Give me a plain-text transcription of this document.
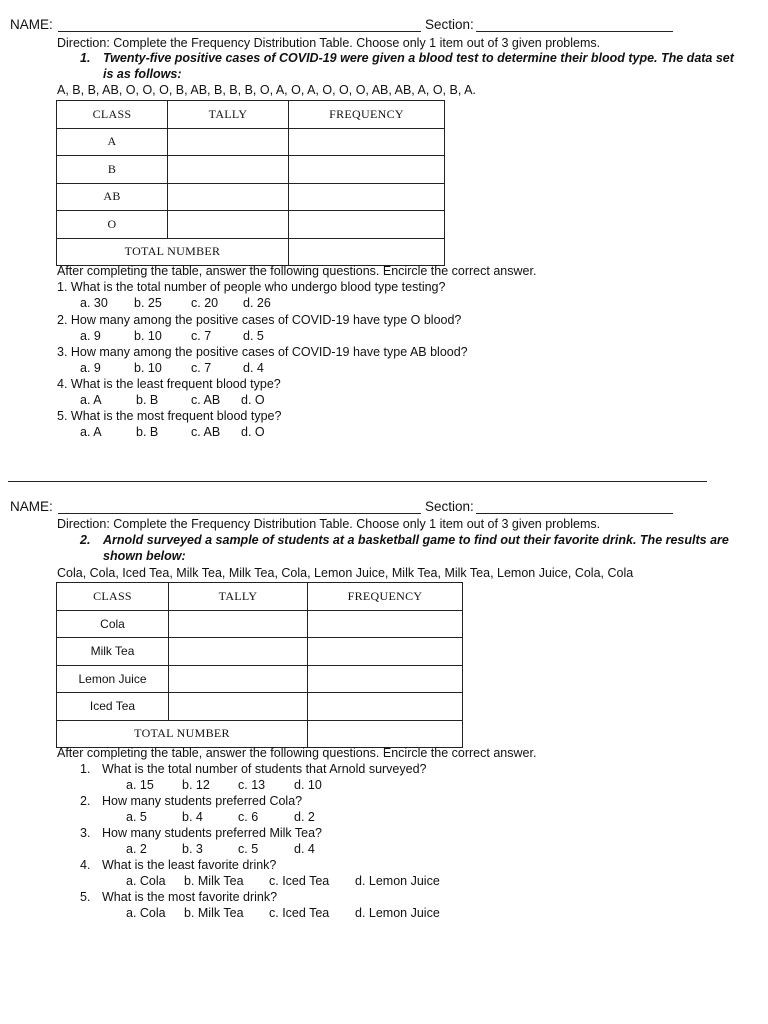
NAME:	Section:
Direction: Complete the Frequency Distribution Table. Choose only 1 item out of 3 given problems.
1. Twenty-five positive cases of COVID-19 were given a blood test to determine their blood type. The data set
is as follows:
A, B, B, AB, O, O, O, B, AB, B, B, B, O, A, O, A, O, O, O, AB, AB, A, O, B, A.
CLASS	TALLY	FREQUENCY
A		
B		
AB		
O		
TOTAL NUMBER		
After completing the table, answer the following questions. Encircle the correct answer.
1. What is the total number of people who undergo blood type testing?
a. 30 b. 25 c. 20 d. 26
2. How many among the positive cases of COVID-19 have type O blood?
a. 9	b. 10 c. 7	d. 5
3. How many among the positive cases of COVID-19 have type AB blood?
a. 9	b. 10 c. 7	d. 4
4. What is the least frequent blood type?
a. A	b. B	c. AB d. O
5. What is the most frequent blood type?
a. A	b. B	c. AB d. O
NAME:	Section:
Direction: Complete the Frequency Distribution Table. Choose only 1 item out of 3 given problems.
2. Arnold surveyed a sample of students at a basketball game to find out their favorite drink. The results are
shown below:
Cola, Cola, Iced Tea, Milk Tea, Milk Tea, Cola, Lemon Juice, Milk Tea, Milk Tea, Lemon Juice, Cola, Cola
CLASS	TALLY	FREQUENCY
Cola		
Milk Tea		
Lemon Juice		
Iced Tea		
TOTAL NUMBER		
After completing the table, answer the following questions. Encircle the correct answer.
1. What is the total number of students that Arnold surveyed?
a. 15 b. 12 c. 13 d. 10
2. How many students preferred Cola?
a. 5	b. 4	c. 6	d. 2
3. How many students preferred Milk Tea?
a. 2	b. 3	c. 5	d. 4
4. What is the least favorite drink?
a. Cola b. Milk Tea c. Iced Tea d. Lemon Juice
5. What is the most favorite drink?
a. Cola b. Milk Tea c. Iced Tea d. Lemon Juice
